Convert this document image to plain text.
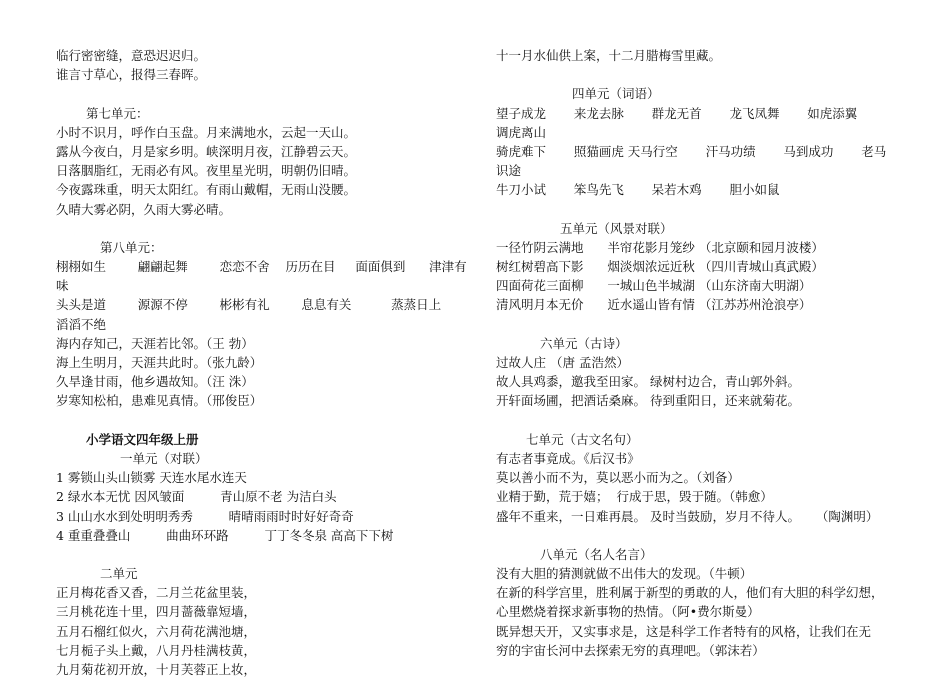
临行密密缝，意恐迟迟归。
谁言寸草心，报得三春晖。
第七单元：
小时不识月，呼作白玉盘。月来满地水，云起一天山。
露从今夜白，月是家乡明。峡深明月夜，江静碧云天。
日落胭脂红，无雨必有风。夜里星光明，明朝仍旧晴。
今夜露珠重，明天太阳红。有雨山戴帽，无雨山没腰。
久晴大雾必阴，久雨大雾必晴。
第八单元：
栩栩如生        翩翩起舞        恋恋不舍    历历在目     面面俱到      津津有
味
头头是道        源源不停        彬彬有礼        息息有关          蒸蒸日上
滔滔不绝
海内存知己，天涯若比邻。（王 勃）
海上生明月，天涯共此时。（张九龄）
久旱逢甘雨，他乡遇故知。（汪 洙）
岁寒知松柏，患难见真情。（邢俊臣）
小学语文四年级上册
一单元（对联）
1 雾锁山头山锁雾 天连水尾水连天
2 绿水本无忧 因风皱面         青山原不老 为洁白头
3 山山水水到处明明秀秀         晴晴雨雨时时好好奇奇
4 重重叠叠山         曲曲环环路         丁丁冬冬泉 高高下下树
二单元
正月梅花香又香，二月兰花盆里装，
三月桃花连十里，四月蔷薇靠短墙，
五月石榴红似火，六月荷花满池塘，
七月栀子头上戴，八月丹桂满枝黄，
九月菊花初开放，十月芙蓉正上妆，
十一月水仙供上案，十二月腊梅雪里藏。
四单元（词语）
望子成龙       来龙去脉       群龙无首       龙飞凤舞       如虎添翼
调虎离山
骑虎难下       照猫画虎 天马行空       汗马功绩       马到成功       老马
识途
牛刀小试       笨鸟先飞       呆若木鸡       胆小如鼠
五单元（风景对联）
一径竹阴云满地      半帘花影月笼纱 （北京颐和园月波楼）
树红树碧高下影      烟淡烟浓远近秋 （四川青城山真武殿）
四面荷花三面柳      一城山色半城湖 （山东济南大明湖）
清风明月本无价      近水遥山皆有情 （江苏苏州沧浪亭）
六单元（古诗）
过故人庄 （唐 孟浩然）
故人具鸡黍，邀我至田家。 绿树村边合，青山郭外斜。
开轩面场圃，把酒话桑麻。 待到重阳日，还来就菊花。
七单元（古文名句）
有志者事竟成。《后汉书》
莫以善小而不为，莫以恶小而为之。（刘备）
业精于勤，荒于嬉；  行成于思，毁于随。（韩愈）
盛年不重来，一日难再晨。 及时当鼓励，岁月不待人。    （陶渊明）
八单元（名人名言）
没有大胆的猜测就做不出伟大的发现。（牛顿）
在新的科学宫里，胜利属于新型的勇敢的人，他们有大胆的科学幻想，
心里燃烧着探求新事物的热情。（阿•费尔斯曼）
既异想天开，又实事求是，这是科学工作者特有的风格，让我们在无
穷的宇宙长河中去探索无穷的真理吧。（郭沫若）
